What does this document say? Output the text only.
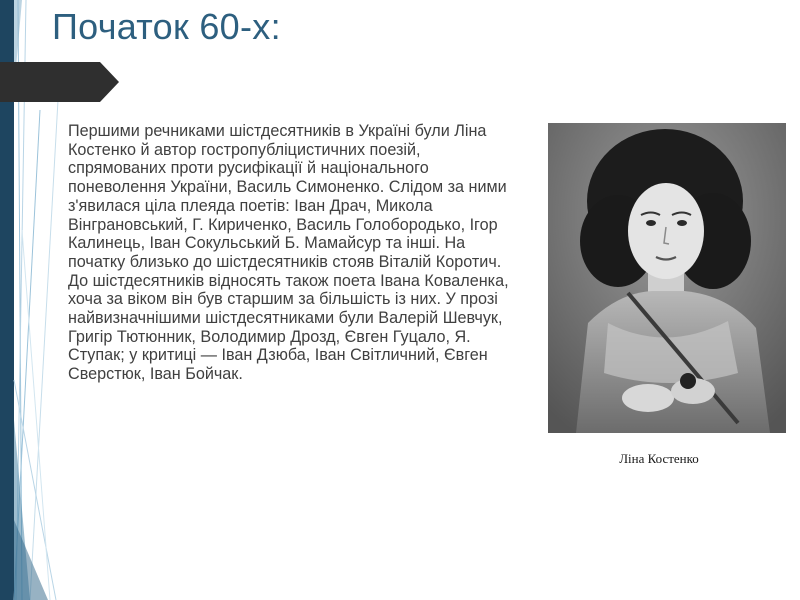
Початок 60-х:

Першими речниками шістдесятників в Україні були Ліна Костенко й автор гостропубліцистичних поезій, спрямованих проти русифікації й національного поневолення України, Василь Симоненко. Слідом за ними з'явилася ціла плеяда поетів: Іван Драч, Микола Вінграновський, Г. Кириченко, Василь Голобородько, Ігор Калинець, Іван Сокульський Б. Мамайсур та інші. На початку близько до шістдесятників стояв Віталій Коротич. До шістдесятників відносять також поета Івана Коваленка, хоча за віком він був старшим за більшість із них. У прозі найвизначнішими шістдесятниками були Валерій Шевчук, Григір Тютюнник, Володимир Дрозд, Євген Гуцало, Я. Ступак; у критиці — Іван Дзюба, Іван Світличний, Євген Сверстюк, Іван Бойчак.

Ліна Костенко
